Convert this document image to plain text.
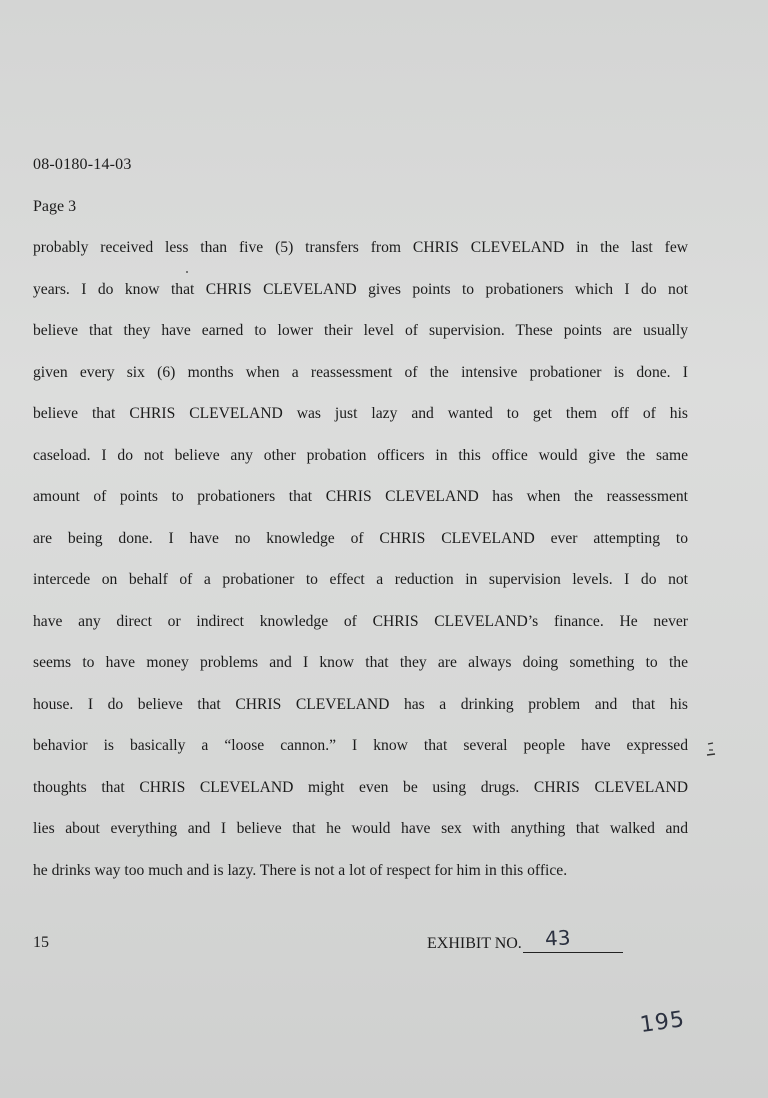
08-0180-14-03
Page 3
probably received less than five (5) transfers from CHRIS CLEVELAND in the last few
years. I do know that CHRIS CLEVELAND gives points to probationers which I do not
believe that they have earned to lower their level of supervision. These points are usually
given every six (6) months when a reassessment of the intensive probationer is done. I
believe that CHRIS CLEVELAND was just lazy and wanted to get them off of his
caseload. I do not believe any other probation officers in this office would give the same
amount of points to probationers that CHRIS CLEVELAND has when the reassessment
are being done. I have no knowledge of CHRIS CLEVELAND ever attempting to
intercede on behalf of a probationer to effect a reduction in supervision levels. I do not
have any direct or indirect knowledge of CHRIS CLEVELAND’s finance. He never
seems to have money problems and I know that they are always doing something to the
house. I do believe that CHRIS CLEVELAND has a drinking problem and that his
behavior is basically a “loose cannon.” I know that several people have expressed
thoughts that CHRIS CLEVELAND might even be using drugs. CHRIS CLEVELAND
lies about everything and I believe that he would have sex with anything that walked and
he drinks way too much and is lazy. There is not a lot of respect for him in this office.
15	EXHIBIT NO. 43
195
